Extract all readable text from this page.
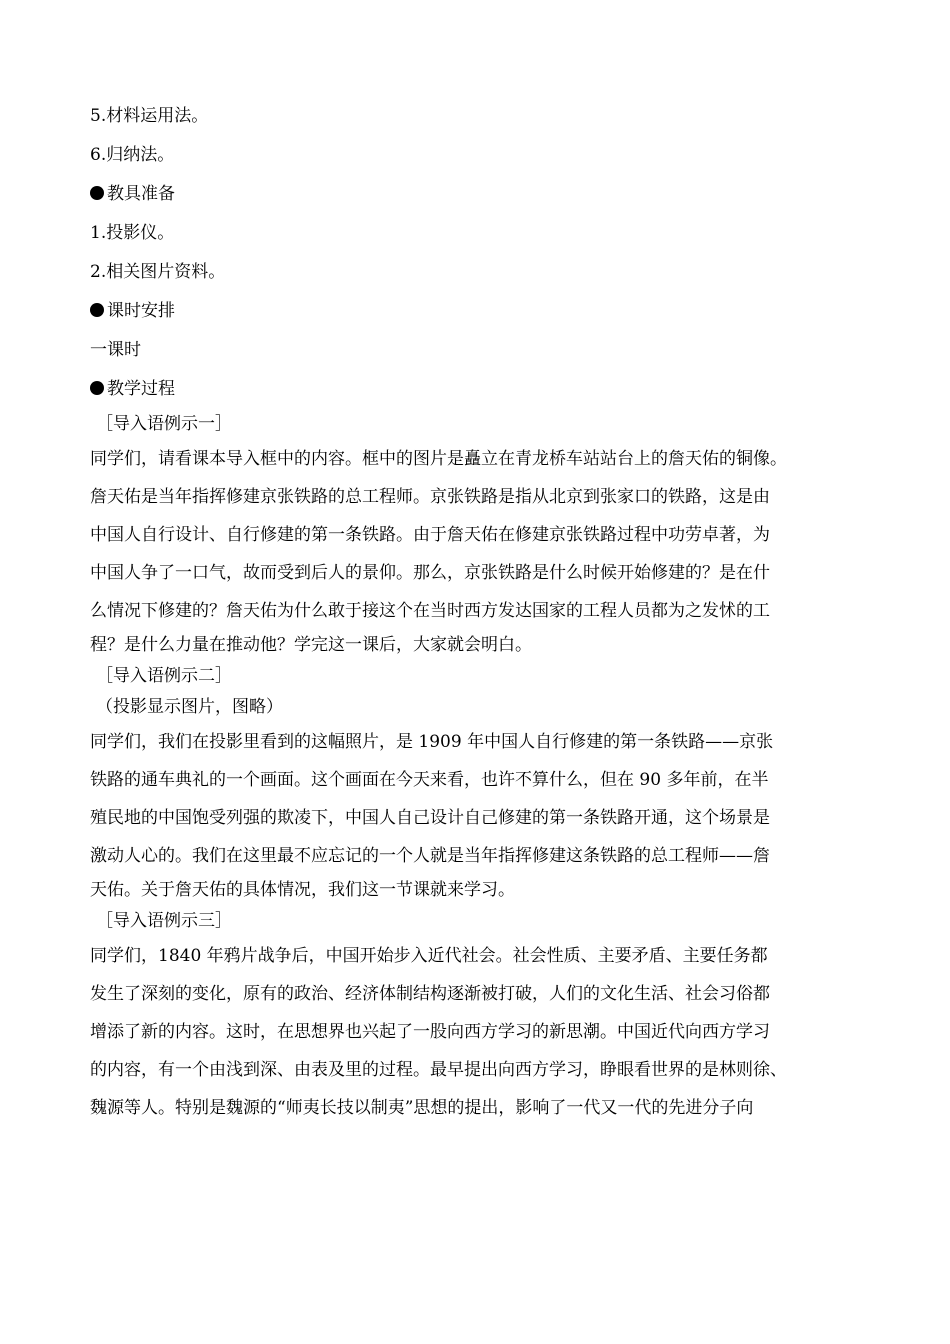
5.材料运用法。
6.归纳法。
教具准备
1.投影仪。
2.相关图片资料。
课时安排
一课时
教学过程
［导入语例示一］
同学们，请看课本导入框中的内容。框中的图片是矗立在青龙桥车站站台上的詹天佑的铜像。
詹天佑是当年指挥修建京张铁路的总工程师。京张铁路是指从北京到张家口的铁路，这是由
中国人自行设计、自行修建的第一条铁路。由于詹天佑在修建京张铁路过程中功劳卓著，为
中国人争了一口气，故而受到后人的景仰。那么，京张铁路是什么时候开始修建的？是在什
么情况下修建的？詹天佑为什么敢于接这个在当时西方发达国家的工程人员都为之发怵的工
程？是什么力量在推动他？学完这一课后，大家就会明白。
［导入语例示二］
（投影显示图片，图略）
同学们，我们在投影里看到的这幅照片，是 1909 年中国人自行修建的第一条铁路——京张
铁路的通车典礼的一个画面。这个画面在今天来看，也许不算什么，但在 90 多年前，在半
殖民地的中国饱受列强的欺凌下，中国人自己设计自己修建的第一条铁路开通，这个场景是
激动人心的。我们在这里最不应忘记的一个人就是当年指挥修建这条铁路的总工程师——詹
天佑。关于詹天佑的具体情况，我们这一节课就来学习。
［导入语例示三］
同学们，1840 年鸦片战争后，中国开始步入近代社会。社会性质、主要矛盾、主要任务都
发生了深刻的变化，原有的政治、经济体制结构逐渐被打破，人们的文化生活、社会习俗都
增添了新的内容。这时，在思想界也兴起了一股向西方学习的新思潮。中国近代向西方学习
的内容，有一个由浅到深、由表及里的过程。最早提出向西方学习，睁眼看世界的是林则徐、
魏源等人。特别是魏源的“师夷长技以制夷”思想的提出，影响了一代又一代的先进分子向
